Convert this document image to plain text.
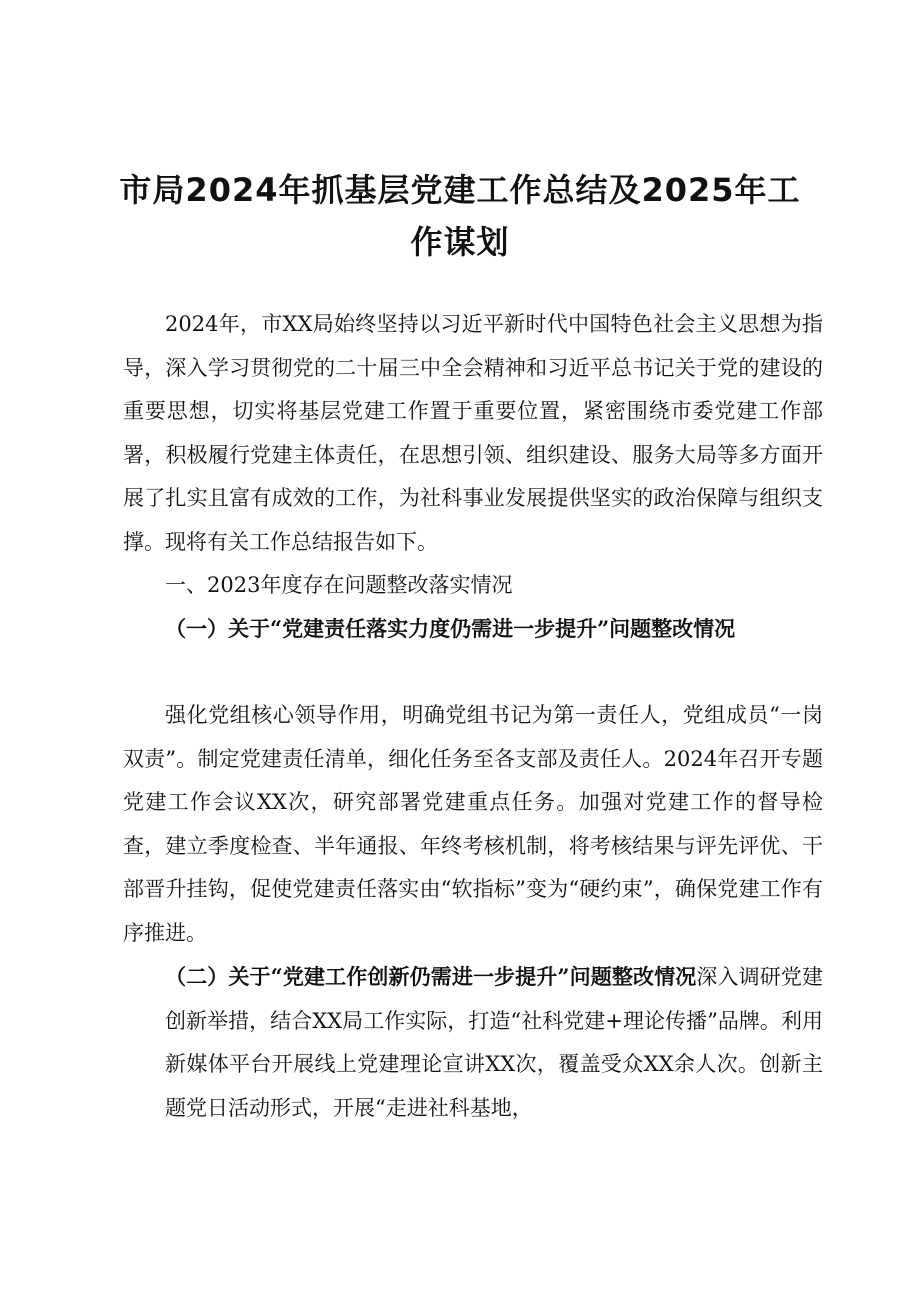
市局2024年抓基层党建工作总结及2025年工
作谋划

2024年，市XX局始终坚持以习近平新时代中国特色社会主义思想为指导，深入学习贯彻党的二十届三中全会精神和习近平总书记关于党的建设的重要思想，切实将基层党建工作置于重要位置，紧密围绕市委党建工作部署，积极履行党建主体责任，在思想引领、组织建设、服务大局等多方面开展了扎实且富有成效的工作，为社科事业发展提供坚实的政治保障与组织支撑。现将有关工作总结报告如下。

一、2023年度存在问题整改落实情况

（一）关于“党建责任落实力度仍需进一步提升”问题整改情况

强化党组核心领导作用，明确党组书记为第一责任人，党组成员“一岗双责”。制定党建责任清单，细化任务至各支部及责任人。2024年召开专题党建工作会议XX次，研究部署党建重点任务。加强对党建工作的督导检查，建立季度检查、半年通报、年终考核机制，将考核结果与评先评优、干部晋升挂钩，促使党建责任落实由“软指标”变为“硬约束”，确保党建工作有序推进。

（二）关于“党建工作创新仍需进一步提升”问题整改情况深入调研党建创新举措，结合XX局工作实际，打造“社科党建+理论传播”品牌。利用新媒体平台开展线上党建理论宣讲XX次，覆盖受众XX余人次。创新主题党日活动形式，开展“走进社科基地，
